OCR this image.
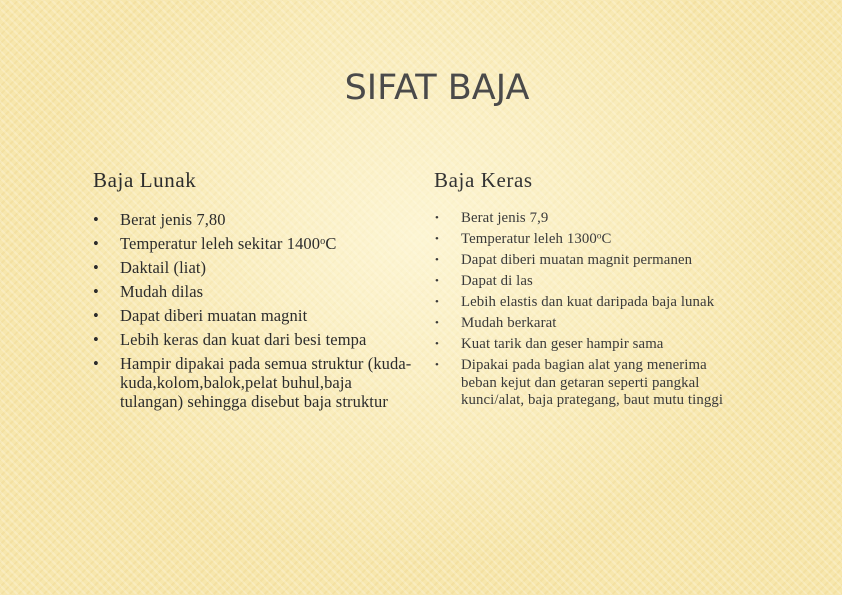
SIFAT BAJA
Baja Lunak
• Berat jenis 7,80
• Temperatur leleh sekitar 1400$^o$C
• Daktail (liat)
• Mudah dilas
• Dapat diberi muatan magnit
• Lebih keras dan kuat dari besi tempa
• Hampir dipakai pada semua struktur (kuda-kuda,kolom,balok,pelat buhul,baja tulangan) sehingga disebut baja struktur
Baja Keras
• Berat jenis 7,9
• Temperatur leleh 1300$^o$C
• Dapat diberi muatan magnit permanen
• Dapat di las
• Lebih elastis dan kuat daripada baja lunak
• Mudah berkarat
• Kuat tarik dan geser hampir sama
• Dipakai pada bagian alat yang menerima beban kejut dan getaran seperti pangkal kunci/alat, baja prategang, baut mutu tinggi
